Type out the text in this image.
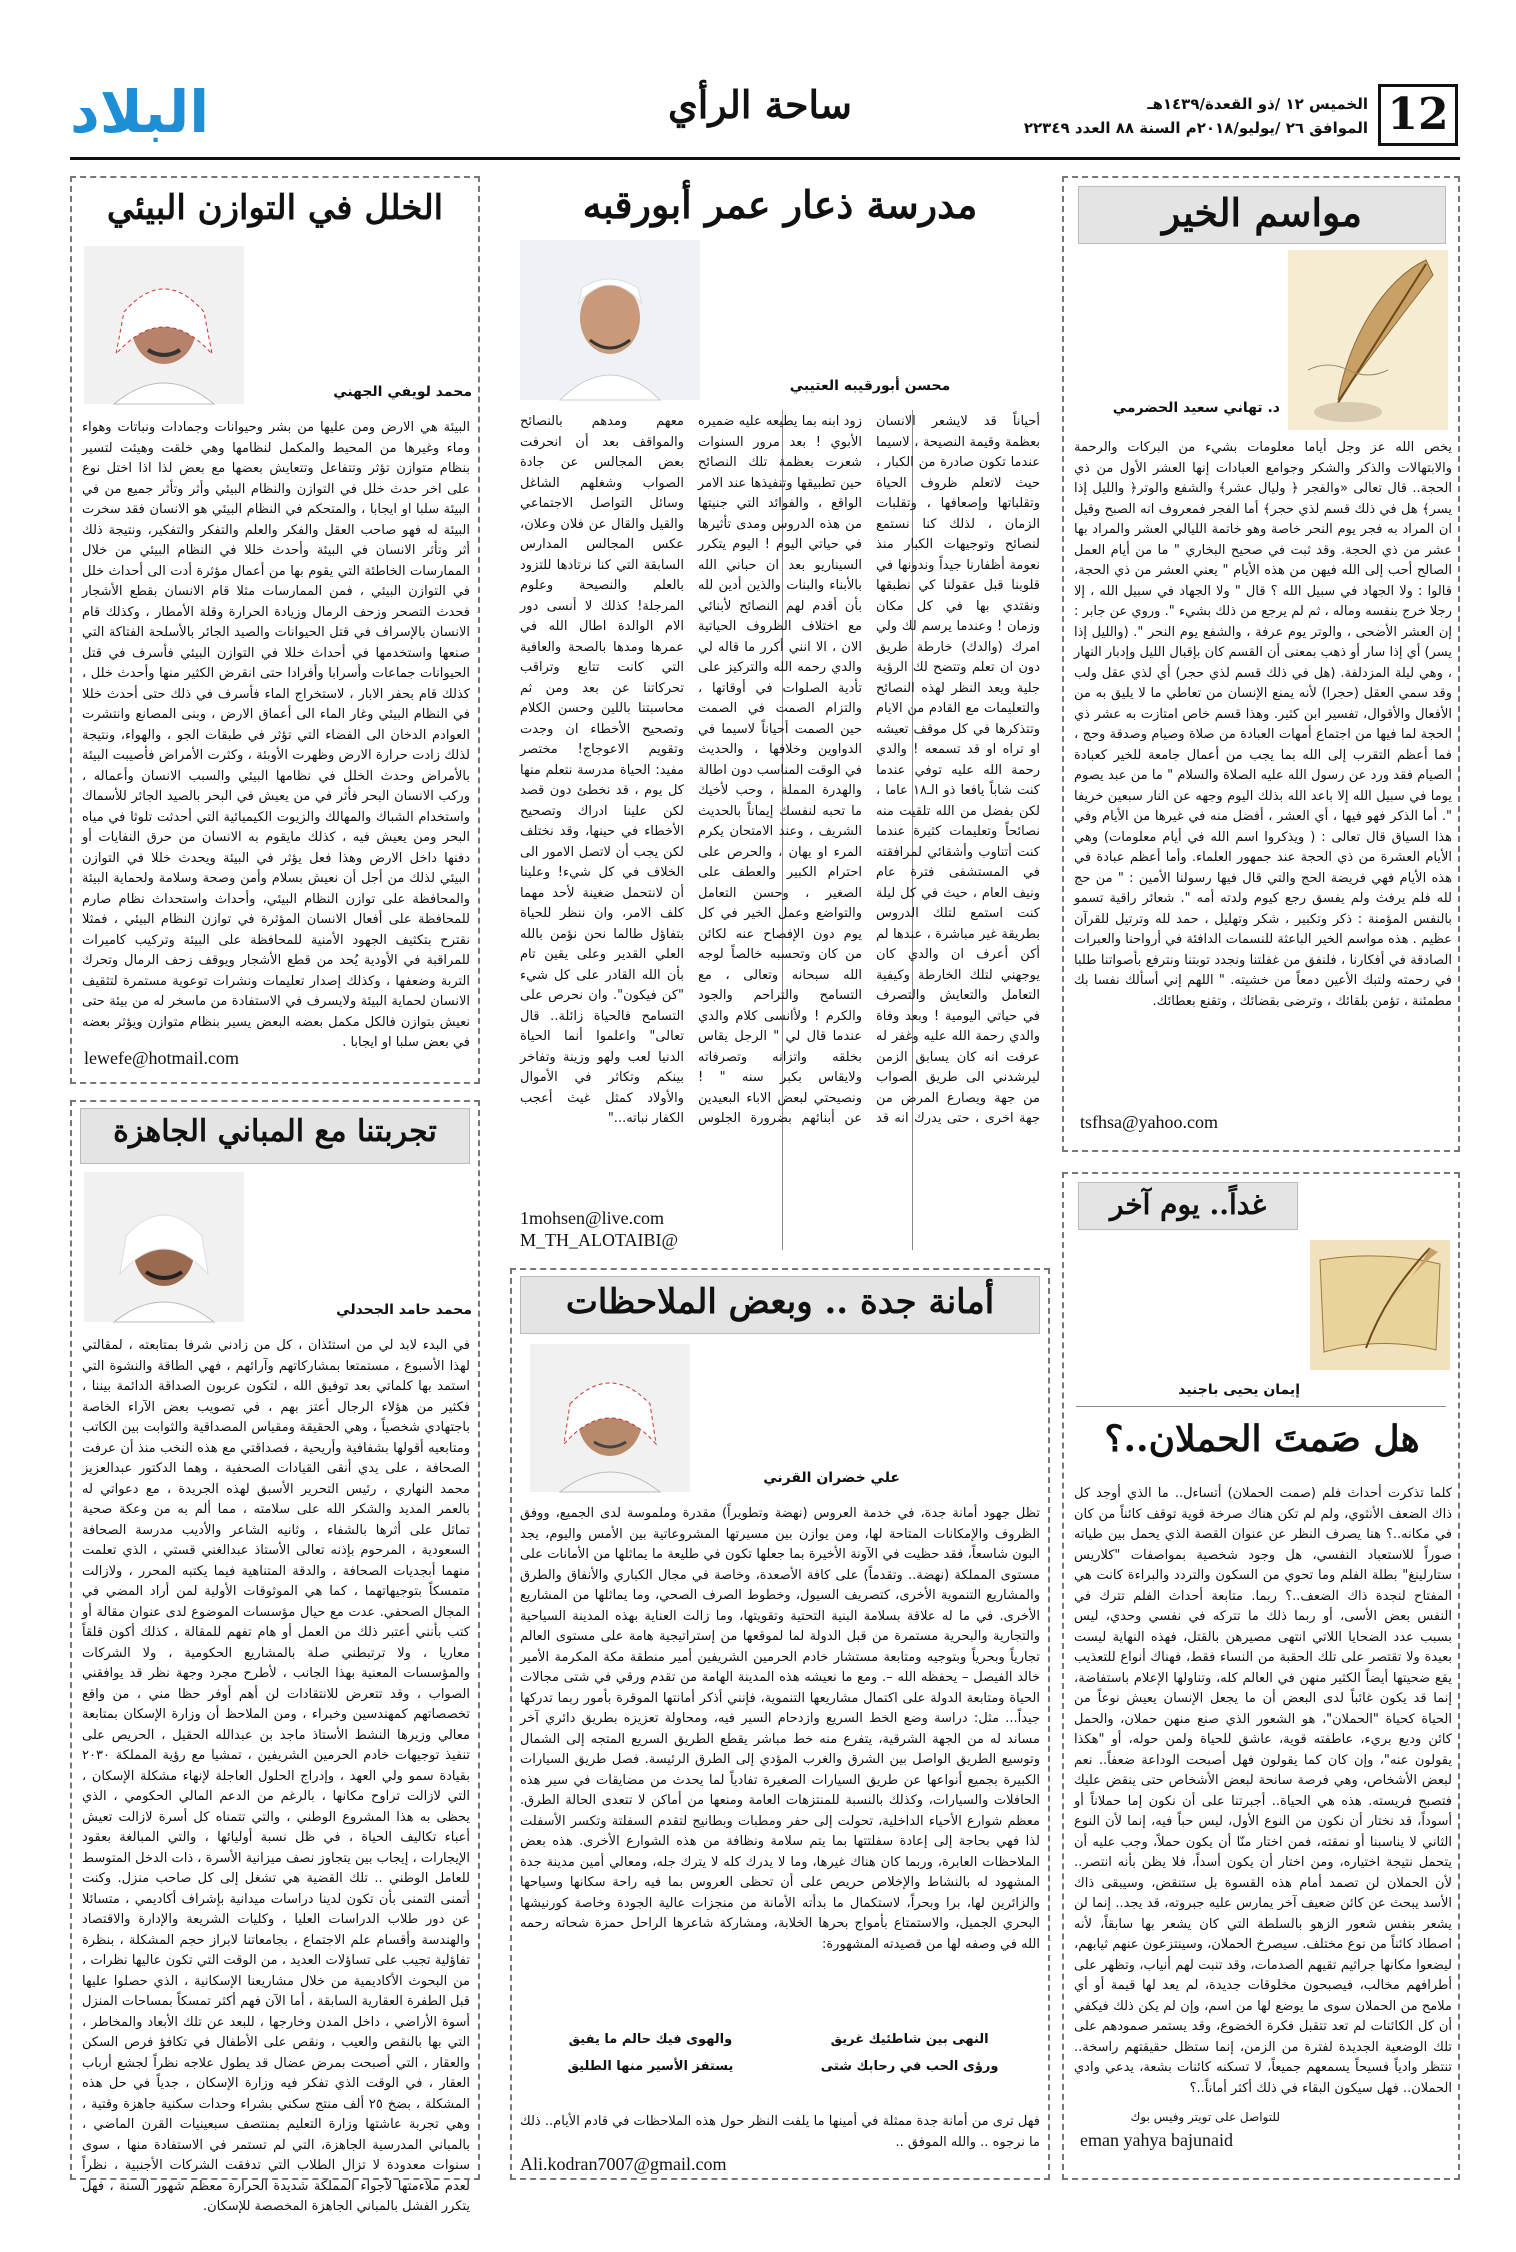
12
الخميس ١٢ /ذو القعدة/١٤٣٩هـ
الموافق ٢٦ /يوليو/٢٠١٨م السنة ٨٨ العدد ٢٢٣٤٩
ساحة الرأي
البلاد
مواسم الخير
يخص الله عز وجل أياما معلومات بشيء من البركات والرحمة والابتهالات والذكر والشكر وجوامع العبادات إنها العشر الأول من ذي الحجة.. قال تعالى «والفجر ﴿ وليال عشر﴾ والشفع والوتر﴿ والليل إذا يسر﴾ هل في ذلك قسم لذي حجر﴾ أما الفجر فمعروف انه الصبح وقيل ان المراد به فجر يوم النحر خاصة وهو خاتمة الليالي العشر والمراد بها عشر من ذي الحجة. وقد ثبت في صحيح البخاري " ما من أيام العمل الصالح أحب إلى الله فيهن من هذه الأيام " يعني العشر من ذي الحجة، قالوا : ولا الجهاد في سبيل الله ؟ قال " ولا الجهاد في سبيل الله ، إلا رجلا خرج بنفسه وماله ، ثم لم يرجع من ذلك بشيء ". وروي عن جابر : إن العشر الأضحى ، والوتر يوم عرفة ، والشفع يوم النحر ". (والليل إذا يسر) أي إذا سار أو ذهب بمعنى أن القسم كان بإقبال الليل وإدبار النهار ، وهي ليلة المزدلفة. (هل في ذلك قسم لذي حجر) أي لذي عقل ولب وقد سمي العقل (حجرا) لأنه يمنع الإنسان من تعاطي ما لا يليق به من الأفعال والأقوال، تفسير ابن كثير. وهذا قسم خاص امتازت به عشر ذي الحجة لما فيها من اجتماع أمهات العبادة من صلاة وصيام وصدقة وحج ، فما أعظم التقرب إلى الله بما يجب من أعمال جامعة للخير كعبادة الصيام فقد ورد عن رسول الله عليه الصلاة والسلام " ما من عبد يصوم يوما في سبيل الله إلا باعد الله بذلك اليوم وجهه عن النار سبعين خريفا ". أما الذكر فهو فيها ، أي العشر ، أفضل منه في غيرها من الأيام وفي هذا السياق قال تعالى : ( ويذكروا اسم الله في أيام معلومات) وهي الأيام العشرة من ذي الحجة عند جمهور العلماء. وأما أعظم عبادة في هذه الأيام فهي فريضة الحج والتي قال فيها رسولنا الأمين : " من حج لله فلم يرفث ولم يفسق رجع كيوم ولدته أمه ". شعائر راقية تسمو بالنفس المؤمنة : ذكر وتكبير ، شكر وتهليل ، حمد لله وترتيل للقرآن عظيم . هذه مواسم الخير الباعثة للنسمات الدافئة في أرواحنا والعبرات الصادقة في أفكارنا ، فلنفق من غفلتنا ونجدد توبتنا ونترفع بأصواتنا طلبا في رحمته ولتبك الأعين دمعاً من خشيته. " اللهم إني أسألك نفسا بك مطمئنة ، تؤمن بلقائك ، وترضى بقضائك ، وتقنع بعطائك.
د. تهاني سعيد الحضرمي
tsfhsa@yahoo.com
غداً.. يوم آخر
إيمان يحيى باجنيد
هل صَمتَ الحملان..؟
كلما تذكرت أحداث فلم (صمت الحملان) أتساءل.. ما الذي أوجد كل ذاك الضعف الأنثوي، ولم لم تكن هناك صرخة قوية توقف كائناً من كان في مكانه..؟ هنا يصرف النظر عن عنوان القصة الذي يحمل بين طياته صوراً للاستعباد النفسي، هل وجود شخصية بمواصفات "كلاريس ستارلينغ" بطلة الفلم وما تحوي من السكون والتردد والبراءة كانت هي المفتاح لنجدة ذاك الضعف..؟ ربما. متابعة أحداث الفلم تترك في النفس بعض الأسى، أو ربما ذلك ما تتركه في نفسي وحدي، ليس بسبب عدد الضحايا اللاتي انتهى مصيرهن بالقتل، فهذه النهاية ليست بعيدة ولا تقتصر على تلك الحقبة من النساء فقط، فهناك أنواع للتعذيب يقع ضحيتها أيضاً الكثير منهن في العالم كله، وتناولها الإعلام باستفاضة، إنما قد يكون غائباً لدى البعض أن ما يجعل الإنسان يعيش نوعاً من الحياة كحياة "الحملان"، هو الشعور الذي صنع منهن حملان، والحمل كائن وديع بريء، عاطفته قوية، عاشق للحياة ولمن حوله، أو "هكذا يقولون عنه"، وإن كان كما يقولون فهل أصبحت الوداعة ضعفاً.. نعم لبعض الأشخاص، وهي فرصة سانحة لبعض الأشخاص حتى ينقض عليك فتصبح فريسته. هذه هي الحياة.. أجبرتنا على أن نكون إما حملاناً أو أسوداً، قد نختار أن نكون من النوع الأول، ليس حباً فيه، إنما لأن النوع الثاني لا يناسبنا أو نمقته، فمن اختار منّا أن يكون حملاً، وجب عليه أن يتحمل نتيجة اختياره، ومن اختار أن يكون أسداً، فلا يظن بأنه انتصر.. لأن الحملان لن تصمد أمام هذه القسوة بل ستنقض، وسيبقى ذاك الأسد يبحث عن كائن ضعيف آخر يمارس عليه جبروته، قد يجد.. إنما لن يشعر بنفس شعور الزهو بالسلطة التي كان يشعر بها سابقاً، لأنه اصطاد كائناً من نوع مختلف. سيصرخ الحملان، وسينتزعون عنهم ثيابهم، ليضعوا مكانها جراثيم تقيهم الصدمات، وقد تنبت لهم أنياب، وتظهر على أطرافهم مخالب، فيصبحون مخلوقات جديدة، لم يعد لها قيمة أو أي ملامح من الحملان سوى ما يوضع لها من اسم، وإن لم يكن ذلك فيكفي أن كل الكائنات لم تعد تتقبل فكرة الخضوع، وقد يستمر صمودهم على تلك الوضعية الجديدة لفترة من الزمن، إنما ستظل حقيقتهم راسخة.. تنتظر وادياً فسيحاً يسمعهم جميعاً، لا تسكنه كائنات بشعة، يدعي وادي الحملان.. فهل سيكون البقاء في ذلك أكثر أماناً..؟
للتواصل على تويتر وفيس بوك
eman yahya bajunaid
مدرسة ذعار عمر أبورقبه
محسن أبورقيبه العتيبي
أحياناً قد لايشعر الانسان بعظمة وقيمة النصيحة ، لاسيما عندما تكون صادرة من الكبار ، حيث لاتعلم ظروف الحياة وتقلباتها وإصعافها ، وتقلبات الزمان ، لذلك كنا نستمع لنصائح وتوجيهات الكبار منذ نعومة أظفارنا جيداً وندونها في قلوبنا قبل عقولنا كي نطبقها ونقتدي بها في كل مكان وزمان ! وعندما يرسم لك ولي امرك (والدك) خارطة طريق دون ان تعلم وتتضح لك الرؤية جلية ويعد النظر لهذه النصائح والتعليمات مع القادم من الايام وتتذكرها في كل موقف تعيشه او تراه او قد تسمعه ! والدي رحمة الله عليه توفي عندما كنت شاباً يافعا ذو الـ١٨ عاما ، لكن بفضل من الله تلقيت منه نصائحاً وتعليمات كثيرة عندما كنت أتناوب وأشقائي لمرافقته في المستشفى فترة عام ونيف العام ، حيث في كل ليلة كنت استمع لتلك الدروس بطريقة غير مباشرة ، عندها لم أكن أعرف ان والدي كان يوجهني لتلك الخارطة وكيفية التعامل والتعايش والتصرف في حياتي اليومية ! وبعد وفاة والدي رحمة الله عليه وغفر له عرفت انه كان يسابق الزمن ليرشدني الى طريق الصواب من جهة ويصارع المرض من جهة اخرى ، حتى يدرك انه قد زود ابنه بما يطيعه عليه ضميره الأبوي ! بعد مرور السنوات شعرت بعظمة تلك النصائح حين تطبيقها وتنفيذها عند الامر الواقع ، والفوائد التي جنيتها من هذه الدروس ومدى تأثيرها في حياتي اليوم ! اليوم يتكرر السيناريو بعد ان حباني الله بالأبناء والبنات والذين أدين لله بأن أقدم لهم النصائح لأبنائي مع اختلاف الظروف الحياتية الان ، الا انني أكرر ما قاله لي والدي رحمه الله والتركيز على تأدية الصلوات في أوقاتها ، والتزام الصمت في الصمت حين الصمت أحياناً لاسيما في الدواوين وخلافها ، والحديث في الوقت المناسب دون اطالة والهدرة المملة ، وحب لأخيك ما تحبه لنفسك إيماناً بالحديث الشريف ، وعند الامتحان يكرم المرء او يهان ، والحرص على احترام الكبير والعطف على الصغير ، وحسن التعامل والتواضع وعمل الخير في كل يوم دون الإفصاح عنه لكائن من كان وتحسبه خالصاً لوجه الله سبحانه وتعالى ، مع التسامح والتراحم والجود والكرم ! ولأانسى كلام والدي عندما قال لي " الرجل يقاس بخلقه واتزانه وتصرفاته ولايقاس بكبر سنه " ! ونصيحتي لبعض الاباء البعيدين عن أبنائهم بضرورة الجلوس معهم ومدهم بالنصائح والمواقف بعد أن انحرفت بعض المجالس عن جادة الصواب وشغلهم الشاغل وسائل التواصل الاجتماعي والقيل والقال عن فلان وعلان، عكس المجالس المدارس السابقة التي كنا نرتادها للتزود بالعلم والنصيحة وعلوم المرجلة! كذلك لا أنسى دور الام الوالدة اطال الله في عمرها ومدها بالصحة والعافية التي كانت تتابع وتراقب تحركاتنا عن بعد ومن ثم محاسبتنا باللين وحسن الكلام وتصحيح الأخطاء ان وجدت وتقويم الاعوجاج! مختصر مفيد: الحياة مدرسة نتعلم منها كل يوم ، قد نخطئ دون قصد لكن علينا ادراك وتصحيح الأخطاء في حينها، وقد نختلف لكن يجب أن لاتصل الامور الى الخلاف في كل شيء! وعلينا أن لانتحمل ضغينة لأحد مهما كلف الامر، وان ننظر للحياة بتفاؤل طالما نحن نؤمن بالله العلي القدير وعلى يقين تام بأن الله القادر على كل شيء "كن فيكون". وان نحرص على التسامح فالحياة زائلة.. قال تعالى" واعلموا أنما الحياة الدنيا لعب ولهو وزينة وتفاخر بينكم وتكاثر في الأموال والأولاد كمثل غيث أعجب الكفار نباته..."
1mohsen@live.com
M_TH_ALOTAIBI@
أمانة جدة .. وبعض الملاحظات
علي خضران القرني
تظل جهود أمانة جدة، في خدمة العروس (نهضة وتطويراً) مقدرة وملموسة لدى الجميع، ووفق الظروف والإمكانات المتاحة لها، ومن يوازن بين مسيرتها المشروعاتية بين الأمس واليوم، يجد البون شاسعاً، فقد حظيت في الآونة الأخيرة بما جعلها تكون في طليعة ما يماثلها من الأمانات على مستوى المملكة (نهضة.. وتقدماً) على كافة الأصعدة، وخاصة في مجال الكباري والأنفاق والطرق والمشاريع التنموية الأخرى، كتصريف السيول، وخطوط الصرف الصحي، وما يماثلها من المشاريع الأخرى. في ما له علاقة بسلامة البنية التحتية وتقويتها، وما زالت العناية بهذه المدينة السياحية والتجارية والبحرية مستمرة من قبل الدولة لما لموقعها من إستراتيجية هامة على مستوى العالم تجارياً وبحرياً وبتوجيه ومتابعة مستشار خادم الحرمين الشريفين أمير منطقة مكة المكرمة الأمير خالد الفيصل – يحفظه الله –. ومع ما نعيشه هذه المدينة الهامة من تقدم ورقي في شتى مجالات الحياة ومتابعة الدولة على اكتمال مشاريعها التنموية، فإنني أذكر أمانتها الموقرة بأمور ربما تدركها جيداً... مثل: دراسة وضع الخط السريع وازدحام السير فيه، ومحاولة تعزيزه بطريق دائري آخر مساند له من الجهة الشرقية، يتفرع منه خط مباشر يقطع الطريق السريع المتجه إلى الشمال وتوسيع الطريق الواصل بين الشرق والغرب المؤدي إلى الطرق الرئيسة. فصل طريق السيارات الكبيرة بجميع أنواعها عن طريق السيارات الصغيرة تفادياً لما يحدث من مضايقات في سير هذه الحافلات والسيارات، وكذلك بالنسبة للمنتزهات العامة ومنعها من أماكن لا تتعدى الحالة الطرق. معظم شوارع الأحياء الداخلية، تحولت إلى حفر ومطبات وبطانيج لتقدم السفلتة وتكسر الأسفلت لذا فهي بحاجة إلى إعادة سفلتتها بما يتم سلامة ونظافة من هذه الشوارع الأخرى. هذه بعض الملاحظات العابرة، وربما كان هناك غيرها، وما لا يدرك كله لا يترك جله، ومعالي أمين مدينة جدة المشهود له بالنشاط والإخلاص حريص على أن تحظى العروس بما فيه راحة سكانها وسياحها والزائرين لها، برا وبحراً، لاستكمال ما بدأته الأمانة من منجزات عالية الجودة وخاصة كورنيشها البحري الجميل، والاستمتاع بأمواج بحرها الخلابة، ومشاركة شاعرها الراحل حمزة شحاته رحمه الله في وصفه لها من قصيدته المشهورة:
النهى بين شاطئيك غريق
والهوى فيك حالم ما يفيق
ورؤى الحب في رحابك شتى
يستفز الأسير منها الطليق
فهل ترى من أمانة جدة ممثلة في أمينها ما يلفت النظر حول هذه الملاحظات في قادم الأيام.. ذلك ما نرجوه .. والله الموفق ..
Ali.kodran7007@gmail.com
الخلل في التوازن البيئي
محمد لويفي الجهني
البيئة هي الارض ومن عليها من بشر وحيوانات وجمادات ونباتات وهواء وماء وغيرها من المحيط والمكمل لنظامها وهي خلقت وهيئت لتسير بنظام متوازن تؤثر وتتفاعل وتتعايش بعضها مع بعض لذا اذا اختل نوع على اخر حدث خلل في التوازن والنظام البيئي وأثر وتأثر جميع من في البيئة سلبا او ايجابا ، والمتحكم في النظام البيئي هو الانسان فقد سخرت البيئة له فهو صاحب العقل والفكر والعلم والتفكر والتفكير، ونتيجة ذلك أثر وتأثر الانسان في البيئة وأحدث خللا في النظام البيئي من خلال الممارسات الخاطئة التي يقوم بها من أعمال مؤثرة أدت الى أحداث خلل في التوازن البيئي ، فمن الممارسات مثلا قام الانسان بقطع الأشجار فحدث التصحر وزحف الرمال وزيادة الحرارة وقلة الأمطار ، وكذلك قام الانسان بالإسراف في قتل الحيوانات والصيد الجائر بالأسلحة الفتاكة التي صنعها واستخدمها في أحداث خللا في التوازن البيئي فأسرف في قتل الحيوانات جماعات وأسرابا وأفرادا حتى انقرض الكثير منها وأحدث خلل ، كذلك قام بحفر الابار ، لاستخراج الماء فأسرف في ذلك حتى أحدث خللا في النظام البيئي وغار الماء الى أعماق الارض ، وبنى المصانع وانتشرت العوادم الدخان الى الفضاء التي تؤثر في طبقات الجو ، والهواء، ونتيجة لذلك زادت حرارة الارض وظهرت الأوبئة ، وكثرت الأمراض فأصيبت البيئة بالأمراض وحدث الخلل في نظامها البيئي والسبب الانسان وأعماله ، وركب الانسان البحر فأثر في من يعيش في البحر بالصيد الجائر للأسماك واستخدام الشباك والمهالك والزيوت الكيميائية التي أحدثت تلوثا في مياه البحر ومن يعيش فيه ، كذلك مايقوم به الانسان من حرق النفايات أو دفنها داخل الارض وهذا فعل يؤثر في البيئة ويحدث خللا في التوازن البيئي لذلك من أجل أن نعيش بسلام وأمن وصحة وسلامة ولحماية البيئة والمحافظة على توازن النظام البيئي، وأحداث واستحداث نظام صارم للمحافظة على أفعال الانسان المؤثرة في توازن النظام البيئي ، فمثلا نقترح بتكثيف الجهود الأمنية للمحافظة على البيئة وتركيب كاميرات للمراقبة في الأودية يُحد من قطع الأشجار ويوقف زحف الرمال وتحرك التربة وضعفها ، وكذلك إصدار تعليمات ونشرات توعوية مستمرة لتثقيف الانسان لحماية البيئة ولايسرف في الاستفادة من ماسخر له من بيئة حتى نعيش بتوازن فالكل مكمل بعضه البعض يسير بنظام متوازن ويؤثر بعضه في بعض سلبا او ايجابا .
lewefe@hotmail.com
تجربتنا مع المباني الجاهزة
محمد حامد الجحدلي
في البدء لابد لي من استئذان ، كل من زادني شرفا بمتابعته ، لمقالتي لهذا الأسبوع ، مستمتعا بمشاركاتهم وآرائهم ، فهي الطاقة والنشوة التي استمد بها كلماتي بعد توفيق الله ، لتكون عربون الصداقة الدائمة بيننا ، فكثير من هؤلاء الرجال أعتز بهم ، في تصويب بعض الآراء الخاصة باجتهادي شخصياً ، وهي الحقيقة ومقياس المصداقية والثوابت بين الكاتب ومتابعيه أقولها بشفافية وأريحية ، فصداقتي مع هذه النخب منذ أن عرفت الصحافة ، على يدي أنقى القيادات الصحفية ، وهما الدكتور عبدالعزيز محمد النهاري ، رئيس التحرير الأسبق لهذه الجريدة ، مع دعواتي له بالعمر المديد والشكر الله على سلامته ، مما ألم به من وعكة صحية تماثل على أثرها بالشفاء ، وثانيه الشاعر والأديب مدرسة الصحافة السعودية ، المرحوم بإذنه تعالى الأستاذ عبدالغني قستي ، الذي تعلمت منهما أبجديات الصحافة ، والدقة المتناهية فيما يكتبه المحرر ، ولازالت متمسكاً بتوجيهاتهما ، كما هي الموثوقات الأولية لمن أراد المضي في المجال الصحفي. عدت مع حيال مؤسسات الموضوع لدى عنوان مقالة أو كتب بأنني أعتبر ذلك من العمل أو هام تفهم للمقالة ، كذلك أكون قلقاً معاريا ، ولا ترتبطني صلة بالمشاريع الحكومية ، ولا الشركات والمؤسسات المعنية بهذا الجانب ، لأطرح مجرد وجهة نظر قد يوافقني الصواب ، وقد تتعرض للانتقادات لن أهم أوفر حظا مني ، من واقع تخصصاتهم كمهندسين وخبراء ، ومن الملاحظ أن وزارة الإسكان بمتابعة معالي وزيرها النشط الأستاذ ماجد بن عبدالله الحقيل ، الحريص على تنفيذ توجيهات خادم الحرمين الشريفين ، تمشيا مع رؤية المملكة ٢٠٣٠ بقيادة سمو ولي العهد ، وإدراج الحلول العاجلة لإنهاء مشكلة الإسكان ، التي لازالت تراوح مكانها ، بالرغم من الدعم المالي الحكومي ، الذي يحظى به هذا المشروع الوطني ، والتي تتمناه كل أسرة لازالت تعيش أعباء تكاليف الحياة ، في ظل نسبة أوليائها ، والتي المبالغة بعقود الإيجارات ، إيجاب بين يتجاوز نصف ميزانية الأسرة ، ذات الدخل المتوسط للعامل الوطني .. تلك القضية هي تشغل إلى كل صاحب منزل. وكنت أتمنى التمنى بأن تكون لدينا دراسات ميدانية بإشراف أكاديمي ، متسائلا عن دور طلاب الدراسات العليا ، وكليات الشريعة والإدارة والاقتصاد والهندسة وأقسام علم الاجتماع ، بجامعاتنا لابراز حجم المشكلة ، بنظرة تفاؤلية تجيب على تساؤلات العديد ، من الوقت التي تكون عاليها نظرات ، من البحوث الأكاديمية من خلال مشاريعنا الإسكانية ، الذي حصلوا عليها قبل الطفرة العقارية السابقة ، أما الآن فهم أكثر تمسكاً بمساحات المنزل أسوة الأراضي ، داخل المدن وخارجها ، للبعد عن تلك الأبعاد والمخاطر ، التي بها بالنقص والعيب ، ونقص على الأطفال في تكافؤ فرص السكن والعقار ، التي أصبحت بمرض عضال قد يطول علاجه نظراً لجشع أرباب العقار ، في الوقت الذي تفكر فيه وزارة الإسكان ، جدياً في حل هذه المشكلة ، بضخ ٢٥ ألف منتج سكني بشراء وحدات سكنية جاهزة وقتية ، وهي تجربة عاشتها وزارة التعليم بمنتصف سبعينيات القرن الماضي ، بالمباني المدرسية الجاهزة، التي لم تستمر في الاستفادة منها ، سوى سنوات معدودة لا تزال الطلاب التي تدفقت الشركات الأجنبية ، نظراً لعدم ملاءمتها لأجواء المملكة شديدة الحرارة معظم شهور السنة ، فهل يتكرر الفشل بالمباني الجاهزة المخصصة للإسكان.
